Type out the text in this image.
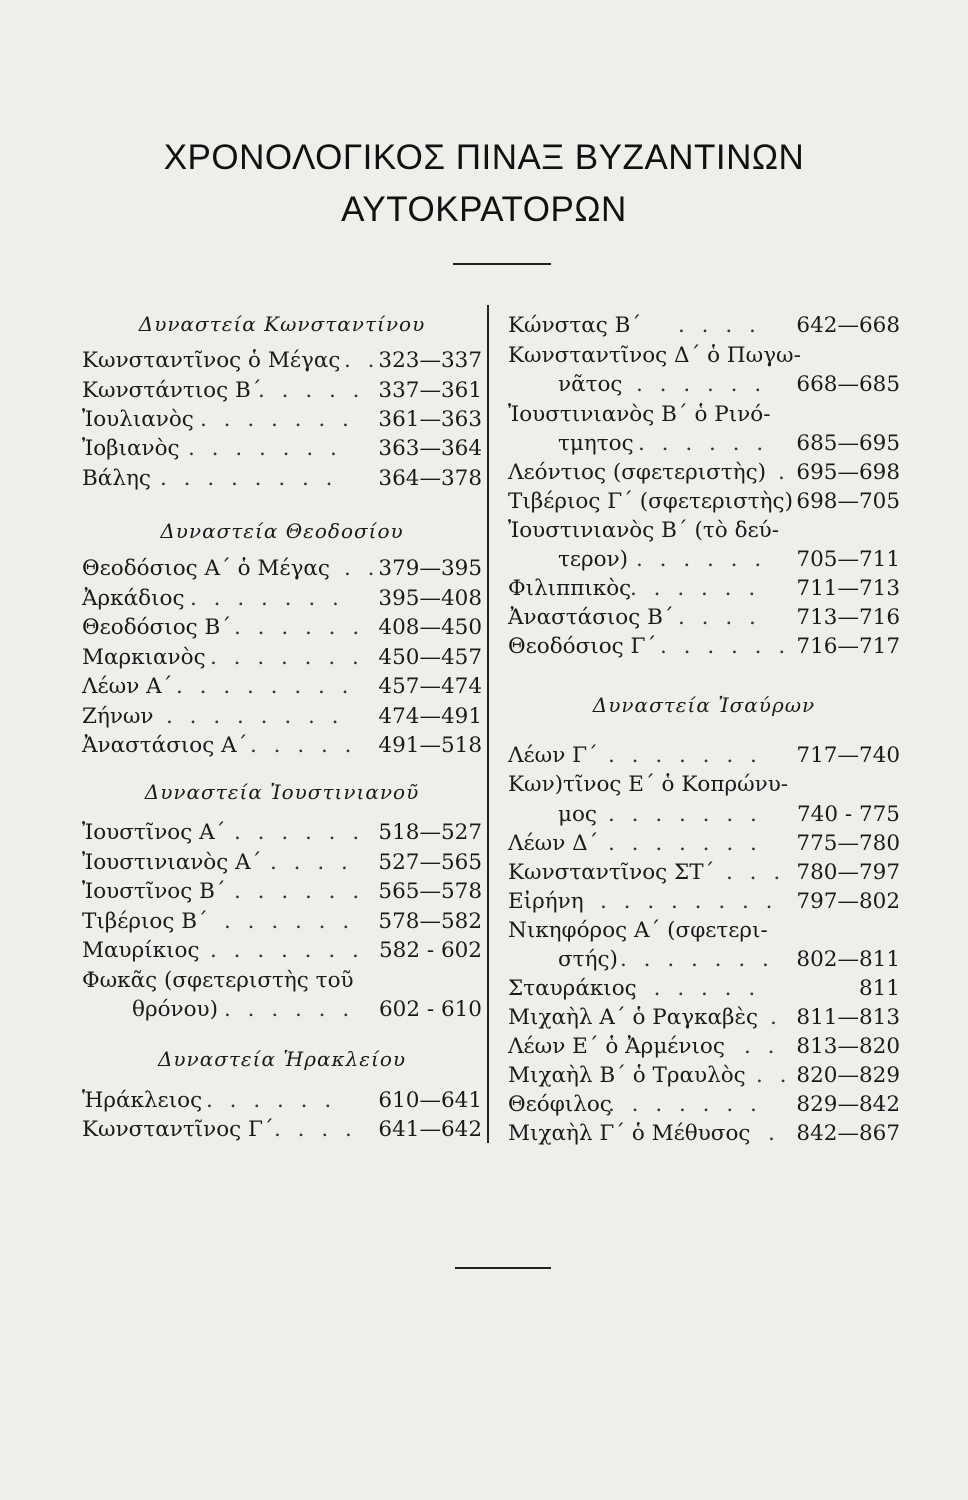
ΧΡΟΝΟΛΟΓΙΚΟΣ ΠΙΝΑΞ ΒΥΖΑΝΤΙΝΩΝ
ΑΥΤΟΚΡΑΤΟΡΩΝ
Δυναστεία Κωνσταντίνου
Κωνσταντῖνος ὁ Μέγας . .
323—337
Κωνστάντιος Β΄
. . . . . 337—361
Ἰουλιανὸς . . . . . . . 361—363
Ἰοβιανὸς . . . . . . . 363—364
Βάλης . . . . . . . . 364—378
Δυναστεία Θεοδοσίου
Θεοδόσιος Α΄ ὁ Μέγας . .
379—395
Ἀρκάδιος . . . . . . . 395—408
Θεοδόσιος Β΄ . . . . . . 408—450
Μαρκιανὸς . . . . . . . 450—457
Λέων Α΄ . . . . . . . . 457—474
Ζήνων . . . . . . . . 474—491
Ἀναστάσιος Α΄ . . . . . 491—518
Δυναστεία Ἰουστινιανοῦ
Ἰουστῖνος Α΄ . . . . . . 518—527
Ἰουστινιανὸς Α΄ . . . . 527—565
Ἰουστῖνος Β΄ . . . . . . 565—578
Τιβέριος Β΄ . . . . . . 578—582
Μαυρίκιος . . . . . . . 582 - 602
Φωκᾶς (σφετεριστὴς τοῦ
θρόνου) . . . . . . 602 - 610
Δυναστεία Ἡρακλείου
Ἡράκλειος . . . . . . 610—641
Κωνσταντῖνος Γ΄ . . . . 641—642
Κώνστας Β΄ . . . . 642—668
Κωνσταντῖνος Δ΄ ὁ Πωγω-
νᾶτος . . . . . . 668—685
Ἰουστινιανὸς Β΄ ὁ Ρινό-
τμητος . . . . . . 685—695
Λεόντιος (σφετεριστὴς) . 695—698
Τιβέριος Γ΄ (σφετεριστὴς) 698—705
Ἰουστινιανὸς Β΄ (τὸ δεύ-
τερον) . . . . . . 705—711
Φιλιππικὸς
. . . . . . 711—713
Ἀναστάσιος Β΄ . . . . 713—716
Θεοδόσιος Γ΄ . . . . . . 716—717
Δυναστεία Ἰσαύρων
Λέων Γ΄ . . . . . . . 717—740
Κων)τῖνος Ε΄ ὁ Κοπρώνυ-
μος . . . . . . . 740 - 775
Λέων Δ΄ . . . . . . . 775—780
Κωνσταντῖνος ΣΤ΄ . . . 780—797
Εἰρήνη . . . . . . . . 797—802
Νικηφόρος Α΄ (σφετερι-
στής) . . . . . . . 802—811
Σταυράκιος
. . . . . .	811
Μιχαὴλ Α΄ ὁ Ραγκαβὲς . 811—813
Λέων Ε΄ ὁ Ἀρμένιος . . 813—820
Μιχαὴλ Β΄ ὁ Τραυλὸς . . 820—829
Θεόφιλος
. . . . . . . 829—842
Μιχαὴλ Γ΄ ὁ Μέθυσος . 842—867
